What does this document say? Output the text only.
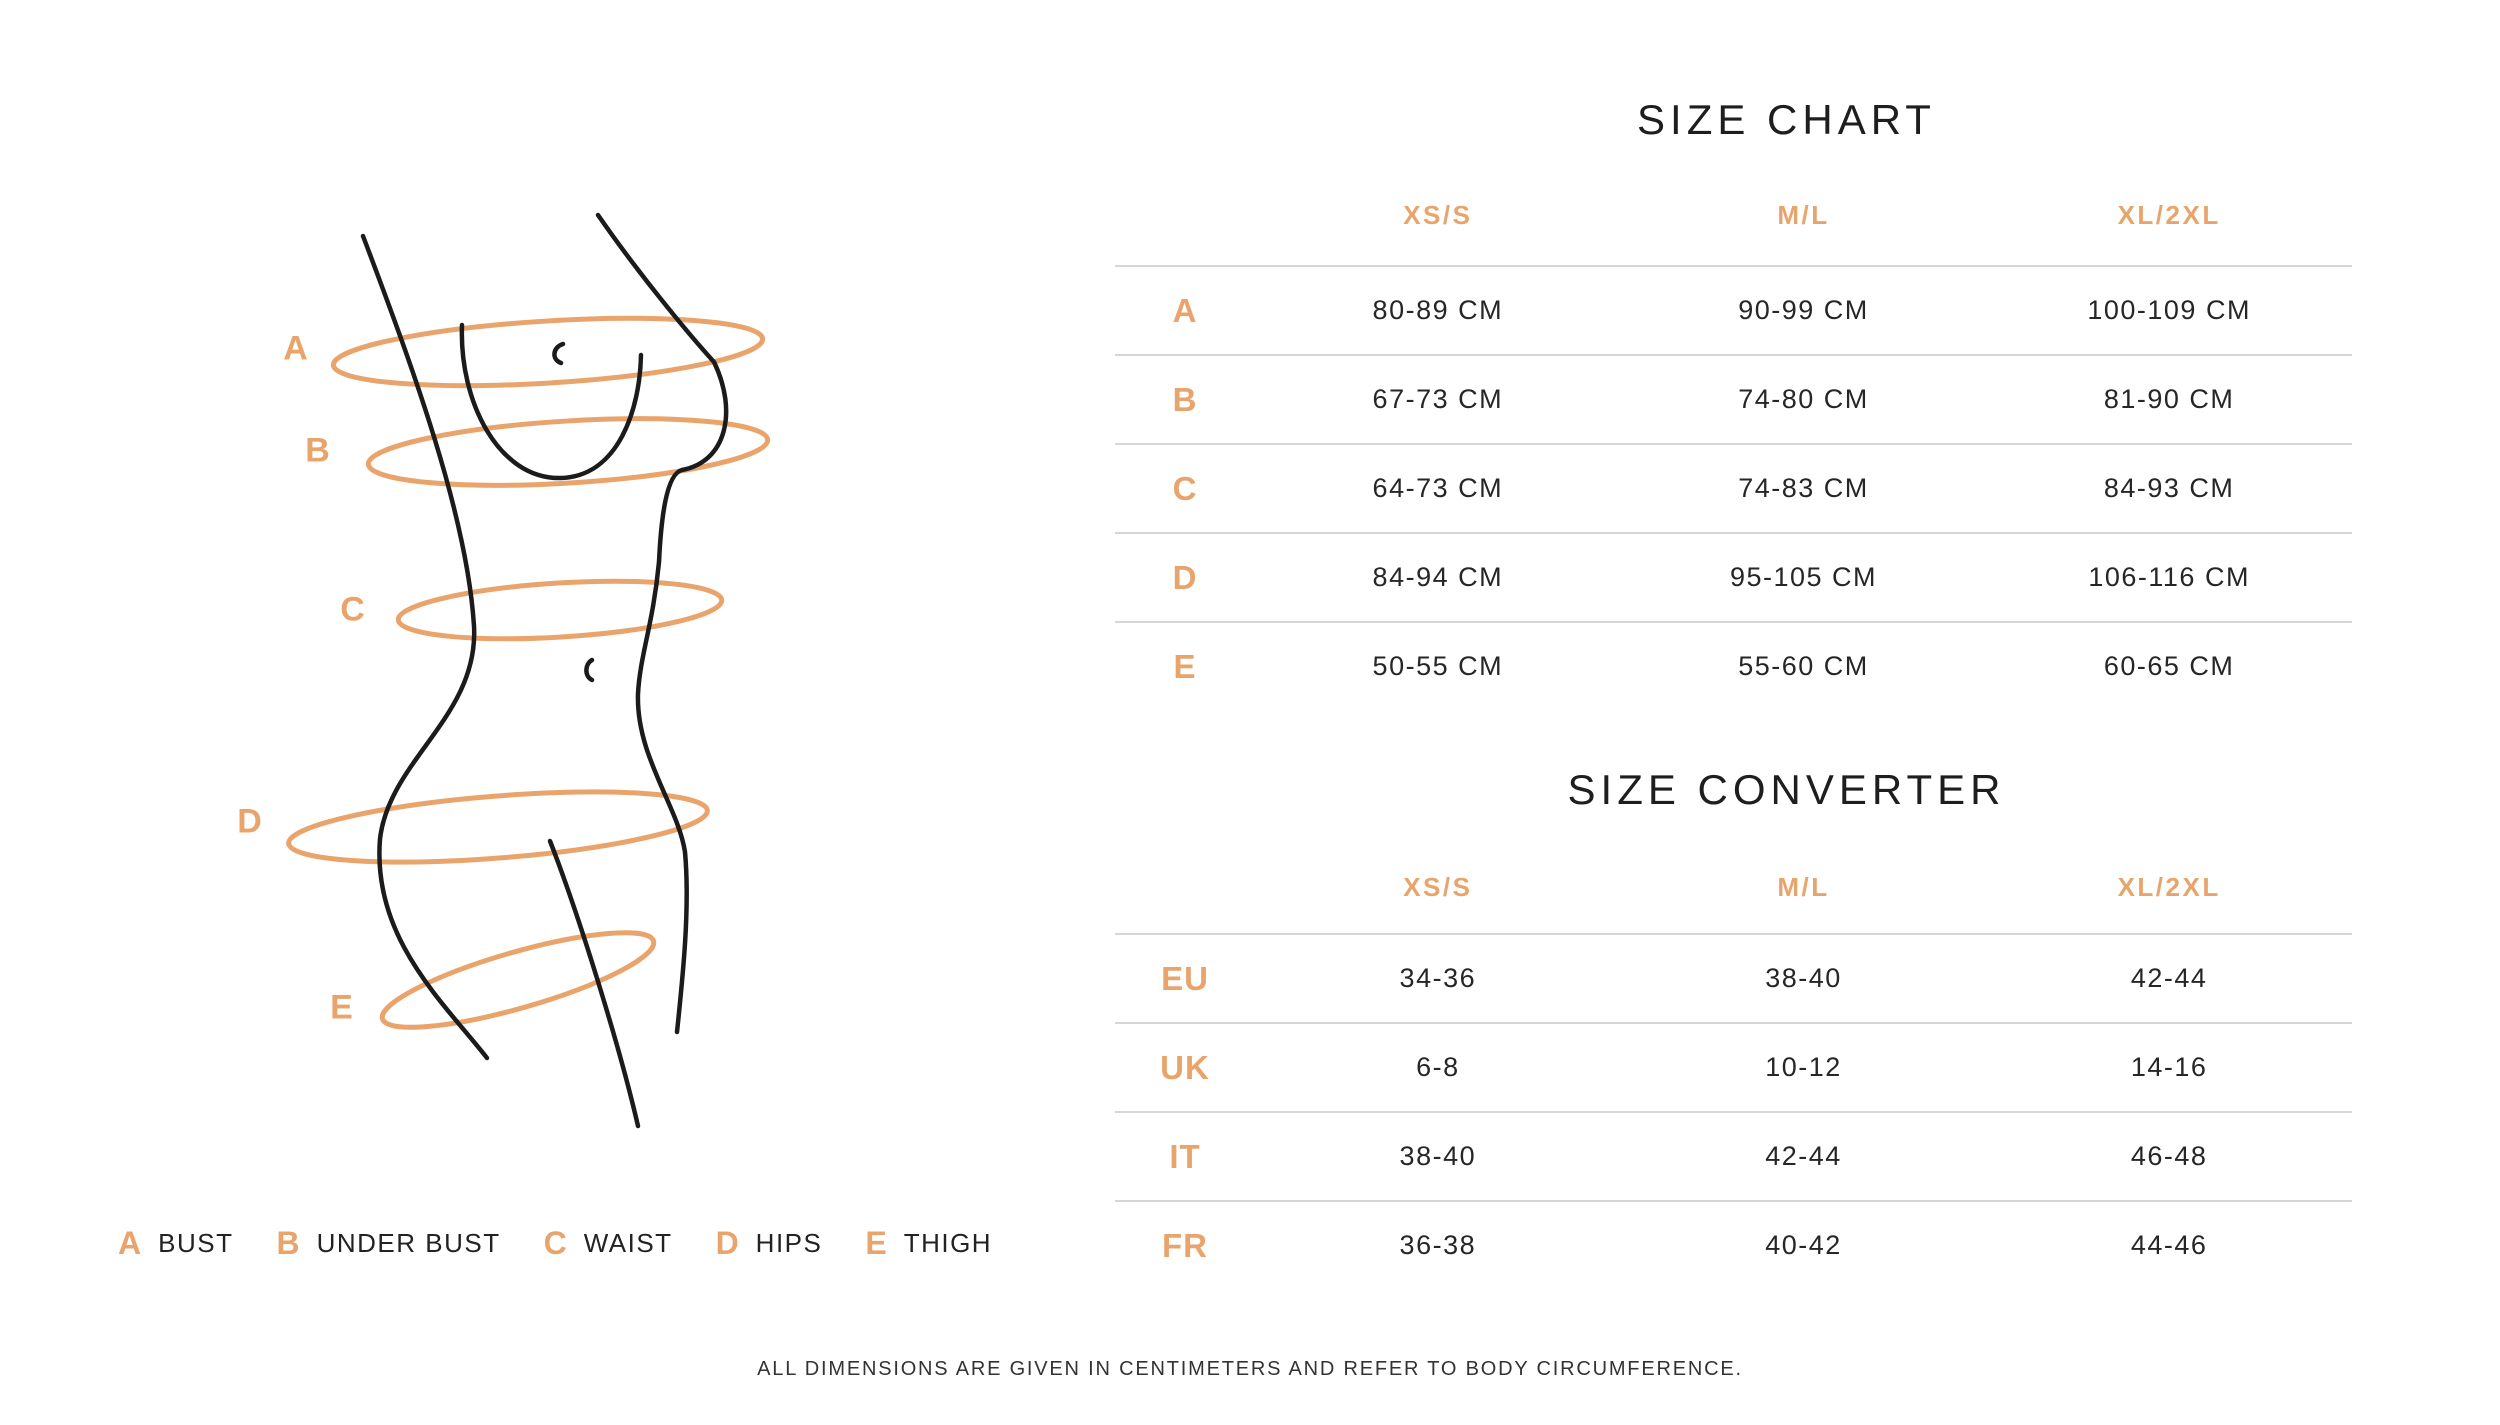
A
B
C
D
E
SIZE CHART
XS/S	M/L	XL/2XL
A	80-89 CM	90-99 CM	100-109 CM
B	67-73 CM	74-80 CM	81-90 CM
C	64-73 CM	74-83 CM	84-93 CM
D	84-94 CM	95-105 CM	106-116 CM
E	50-55 CM	55-60 CM	60-65 CM
SIZE CONVERTER
XS/S	M/L	XL/2XL
EU	34-36	38-40	42-44
UK	6-8	10-12	14-16
IT	38-40	42-44	46-48
FR	36-38	40-42	44-46
A BUST B UNDER BUST C WAIST D HIPS E THIGH
ALL DIMENSIONS ARE GIVEN IN CENTIMETERS AND REFER TO BODY CIRCUMFERENCE.
